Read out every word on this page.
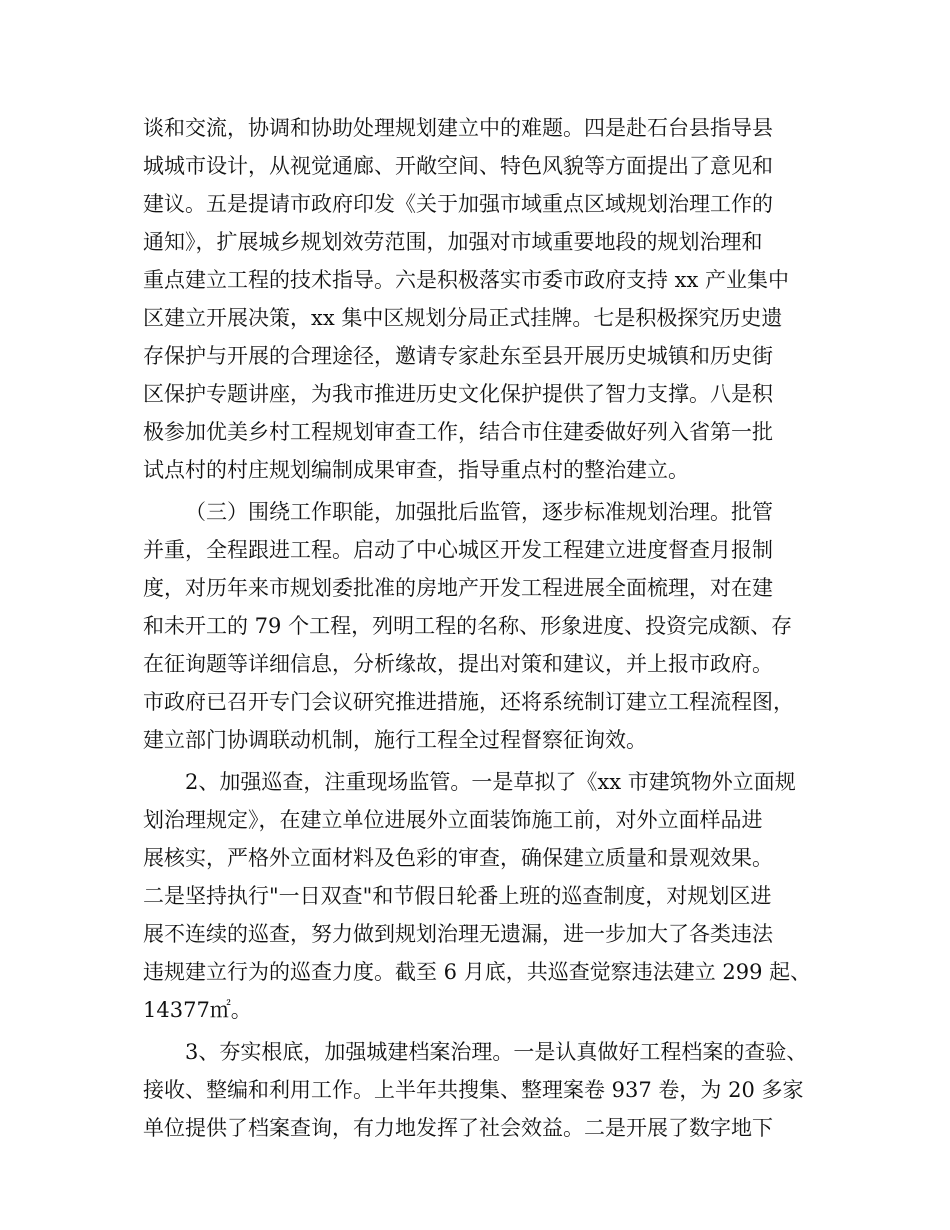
谈和交流，协调和协助处理规划建立中的难题。四是赴石台县指导县
城城市设计，从视觉通廊、开敞空间、特色风貌等方面提出了意见和
建议。五是提请市政府印发《关于加强市域重点区域规划治理工作的
通知》，扩展城乡规划效劳范围，加强对市域重要地段的规划治理和
重点建立工程的技术指导。六是积极落实市委市政府支持 xx 产业集中
区建立开展决策，xx 集中区规划分局正式挂牌。七是积极探究历史遗
存保护与开展的合理途径，邀请专家赴东至县开展历史城镇和历史街
区保护专题讲座，为我市推进历史文化保护提供了智力支撑。八是积
极参加优美乡村工程规划审查工作，结合市住建委做好列入省第一批
试点村的村庄规划编制成果审查，指导重点村的整治建立。
（三）围绕工作职能，加强批后监管，逐步标准规划治理。批管
并重，全程跟进工程。启动了中心城区开发工程建立进度督查月报制
度，对历年来市规划委批准的房地产开发工程进展全面梳理，对在建
和未开工的 79 个工程，列明工程的名称、形象进度、投资完成额、存
在征询题等详细信息，分析缘故，提出对策和建议，并上报市政府。
市政府已召开专门会议研究推进措施，还将系统制订建立工程流程图，
建立部门协调联动机制，施行工程全过程督察征询效。
2、加强巡查，注重现场监管。一是草拟了《xx 市建筑物外立面规
划治理规定》，在建立单位进展外立面装饰施工前，对外立面样品进
展核实，严格外立面材料及色彩的审查，确保建立质量和景观效果。
二是坚持执行"一日双查"和节假日轮番上班的巡查制度，对规划区进
展不连续的巡查，努力做到规划治理无遗漏，进一步加大了各类违法
违规建立行为的巡查力度。截至 6 月底，共巡查觉察违法建立 299 起、
14377㎡。
3、夯实根底，加强城建档案治理。一是认真做好工程档案的查验、
接收、整编和利用工作。上半年共搜集、整理案卷 937 卷，为 20 多家
单位提供了档案查询，有力地发挥了社会效益。二是开展了数字地下
